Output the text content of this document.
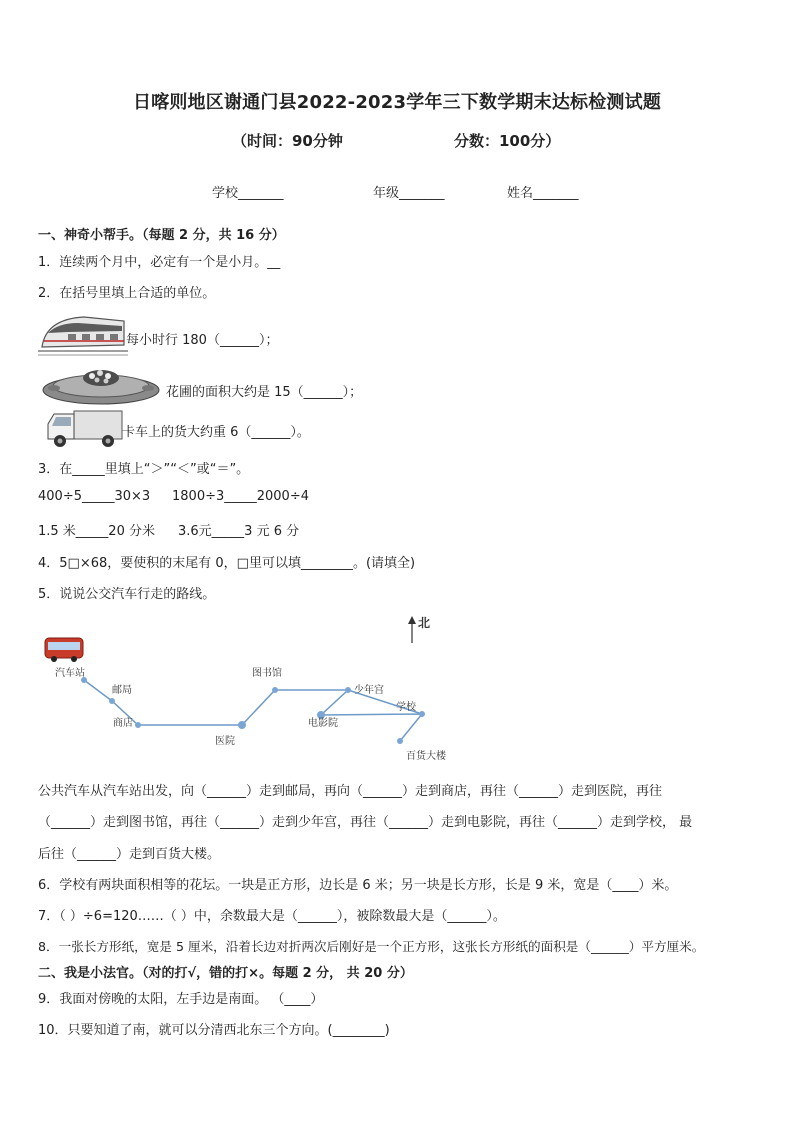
日喀则地区谢通门县2022-2023学年三下数学期末达标检测试题
（时间：90分钟	分数：100分）
学校_______	年级_______	姓名_______
一、神奇小帮手。（每题 2 分，共 16 分）
1．连续两个月中，必定有一个是小月。__
2．在括号里填上合适的单位。
每小时行 180（______）；
花圃的面积大约是 15（______）；
卡车上的货大约重 6（______）。
3．在_____里填上“＞”“＜”或“＝”。
400÷5_____30×3 1800÷3_____2000÷4
1.5 米_____20 分米 3.6元_____3 元 6 分
4．5□×68，要使积的末尾有 0，□里可以填________。(请填全)
5．说说公交汽车行走的路线。
北
汽车站
邮局
商店
医院
图书馆
少年宫
电影院
学校
百货大楼
公共汽车从汽车站出发，向（______）走到邮局，再向（______）走到商店，再往（______）走到医院，再往
（______）走到图书馆，再往（______）走到少年宫，再往（______）走到电影院，再往（______）走到学校， 最
后往（______）走到百货大楼。
6．学校有两块面积相等的花坛。一块是正方形，边长是 6 米；另一块是长方形，长是 9 米，宽是（____）米。
7．（ ）÷6=120……（ ）中，余数最大是（______），被除数最大是（______）。
8．一张长方形纸，宽是 5 厘米，沿着长边对折两次后刚好是一个正方形，这张长方形纸的面积是（______）平方厘米。
二、我是小法官。（对的打√，错的打×。每题 2 分， 共 20 分）
9．我面对傍晚的太阳，左手边是南面。 （____）
10．只要知道了南，就可以分清西北东三个方向。(________)
